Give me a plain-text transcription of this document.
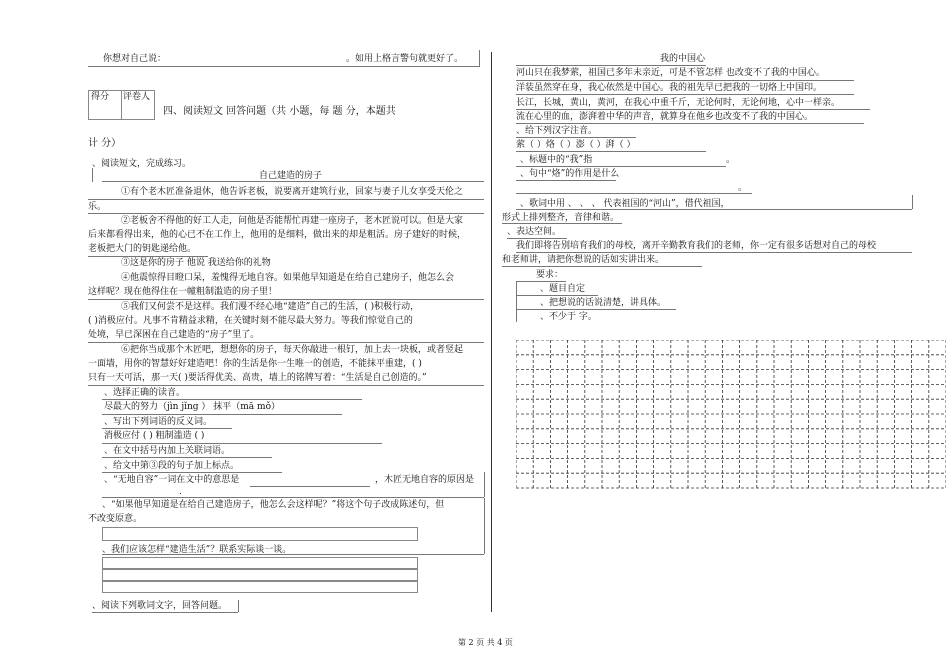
你想对自己说：	。如用上格言警句就更好了。
得分 评卷人
四、阅读短文 回答问题（共 小题，每 题 分，本题共
计 分）
、阅读短文，完成练习。
自己建造的房子
①有个老木匠准备退休，他告诉老板，说要离开建筑行业，回家与妻子儿女享受天伦之
乐。
②老板舍不得他的好工人走，问他是否能帮忙再建一座房子，老木匠说可以。但是大家
后来都看得出来，他的心已不在工作上，他用的是细料，做出来的却是粗活。房子建好的时候，
老板把大门的钥匙递给他。
③这是你的房子 他说 我送给你的礼物
④他震惊得目瞪口呆，羞愧得无地自容。如果他早知道是在给自己建房子，他怎么会
这样呢？现在他得住在一幢粗制滥造的房子里！
⑤我们又何尝不是这样。我们漫不经心地“建造”自己的生活，( )积极行动，
( )消极应付。凡事不肯精益求精，在关键时刻不能尽最大努力。等我们惊觉自己的
处境，早已深困在自己建造的“房子”里了。
⑥把你当成那个木匠吧，想想你的房子，每天你敲进一根钉，加上去一块板，或者竖起
一面墙，用你的智慧好好建造吧！你的生活是你一生唯一的创造，不能抹平重建，( )
只有一天可活，那一天( )要活得优美、高贵，墙上的铭牌写着：“生活是自己创造的。”
、选择正确的读音。
尽最大的努力（jìn jǐng ） 抹平（mā mǒ）
、写出下列词语的反义词。
消极应付 ( ) 粗制滥造 ( )
、在文中括号内加上关联词语。
、给文中第③段的句子加上标点。
、“无地自容”一词在文中的意思是	，木匠无地自容的原因是
.
、“如果他早知道是在给自己建造房子，他怎么会这样呢？”将这个句子改成陈述句，但
不改变原意。
、我们应该怎样“建造生活”？联系实际谈一谈。
、阅读下列歌词文字，回答问题。
我的中国心
河山只在我梦萦，祖国已多年未亲近，可是不管怎样 也改变不了我的中国心。
洋装虽然穿在身，我心依然是中国心。我的祖先早已把我的一切烙上中国印。
长江，长城，黄山，黄河，在我心中重千斤，无论何时，无论何地，心中一样亲。
流在心里的血，澎湃着中华的声音，就算身在他乡也改变不了我的中国心。
、给下列汉字注音。
萦（ ）烙（ ）澎（ ）湃（ ）
、标题中的“我”指	。
、句中“烙”的作用是什么
。
、歌词中用 、 、 、 代表祖国的“河山”，借代祖国，
形式上排列整齐，音律和谐。
、表达空间。
我们即将告别培育我们的母校，离开辛勤教育我们的老师，你一定有很多话想对自己的母校
和老师讲，请把你想说的话如实讲出来。
要求：
、题目自定
、把想说的话说清楚，讲具体。
、不少于 字。
第 2 页 共 4 页
